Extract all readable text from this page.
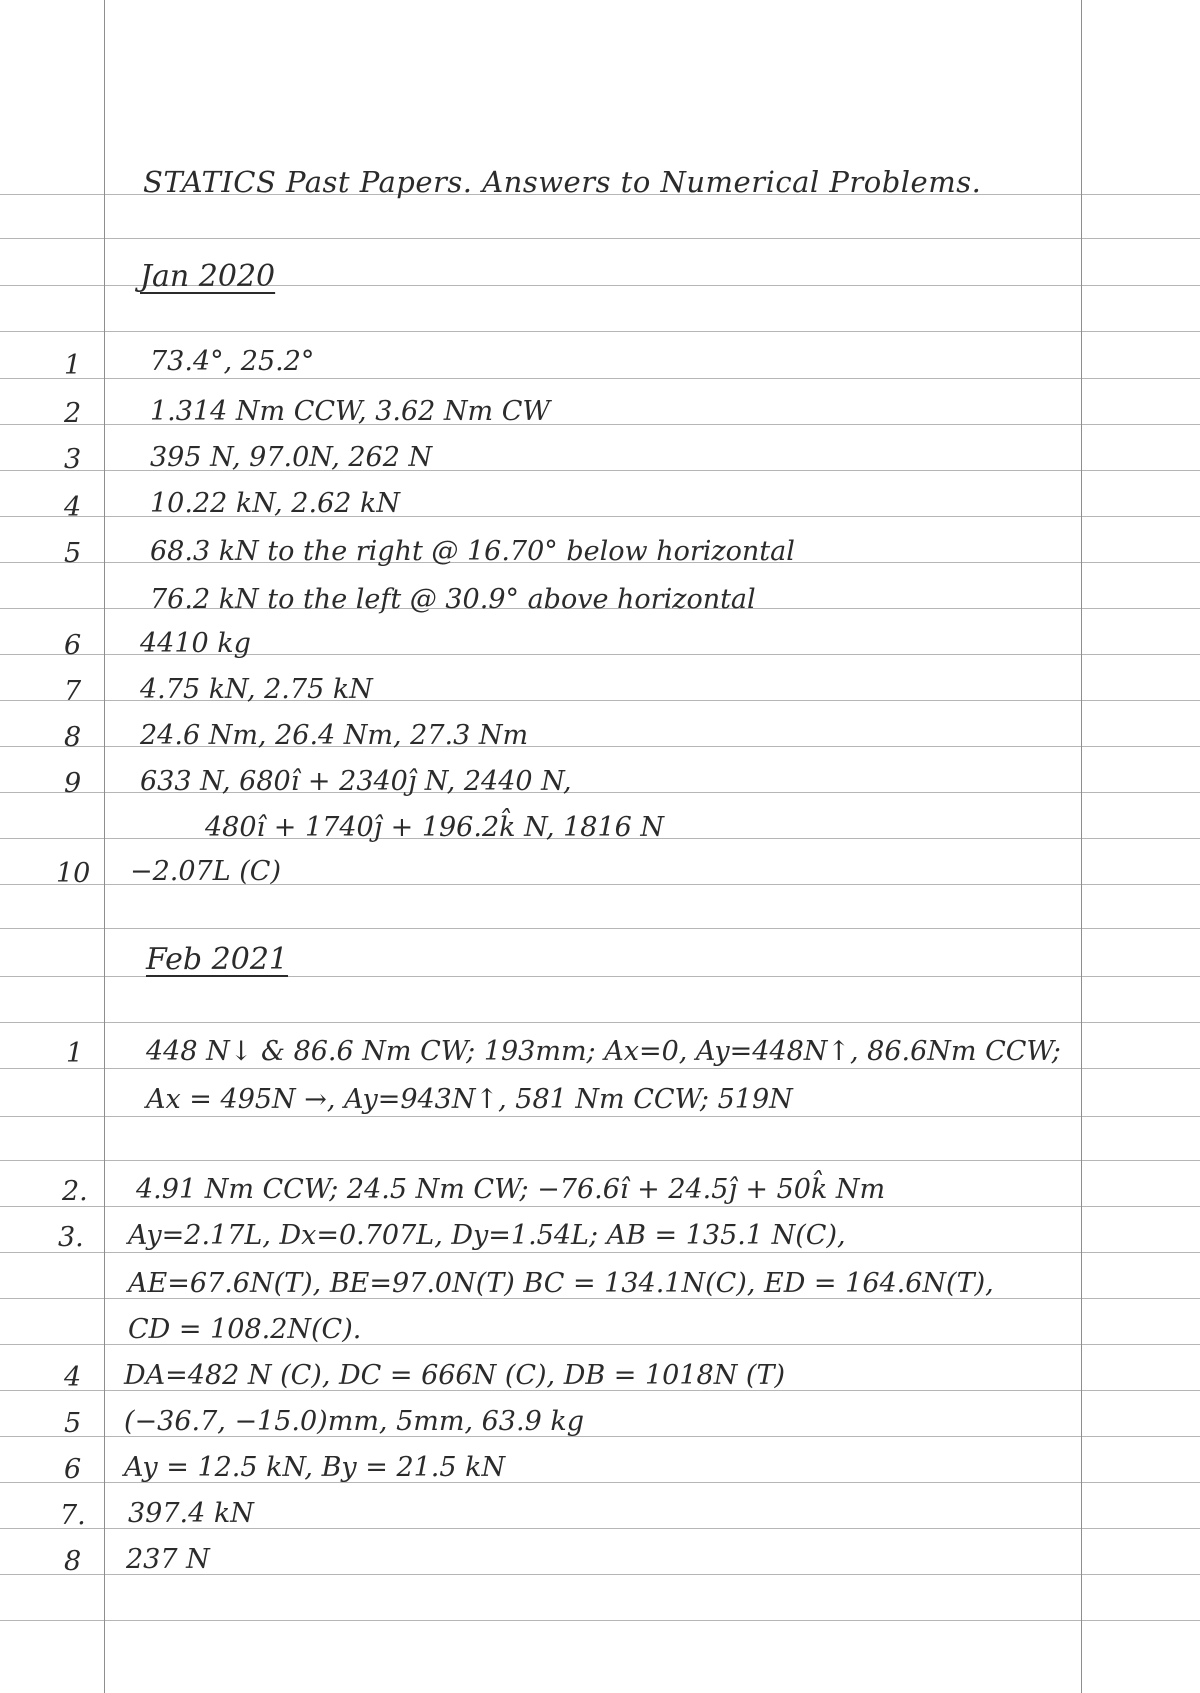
STATICS Past Papers. Answers to Numerical Problems.
Jan 2020
1	73.4°, 25.2°
2	1.314 Nm CCW, 3.62 Nm CW
3	395 N, 97.0N, 262 N
4	10.22 kN, 2.62 kN
5	68.3 kN to the right @ 16.70° below horizontal
76.2 kN to the left @ 30.9° above horizontal
6 4410 kg
7 4.75 kN, 2.75 kN
8 24.6 Nm, 26.4 Nm, 27.3 Nm
9 633 N, 680î + 2340ĵ N, 2440 N,
480î + 1740ĵ + 196.2k̂ N, 1816 N
10 −2.07L (C)
Feb 2021
1 448 N↓ & 86.6 Nm CW; 193mm; Ax=0, Ay=448N↑, 86.6Nm CCW;
Ax = 495N →, Ay=943N↑, 581 Nm CCW; 519N
2. 4.91 Nm CCW; 24.5 Nm CW; −76.6î + 24.5ĵ + 50k̂ Nm
3. Ay=2.17L, Dx=0.707L, Dy=1.54L; AB = 135.1 N(C),
AE=67.6N(T), BE=97.0N(T) BC = 134.1N(C), ED = 164.6N(T),
CD = 108.2N(C).
4 DA=482 N (C), DC = 666N (C), DB = 1018N (T)
5 (−36.7, −15.0)mm, 5mm, 63.9 kg
6 Ay = 12.5 kN, By = 21.5 kN
7. 397.4 kN
8 237 N
